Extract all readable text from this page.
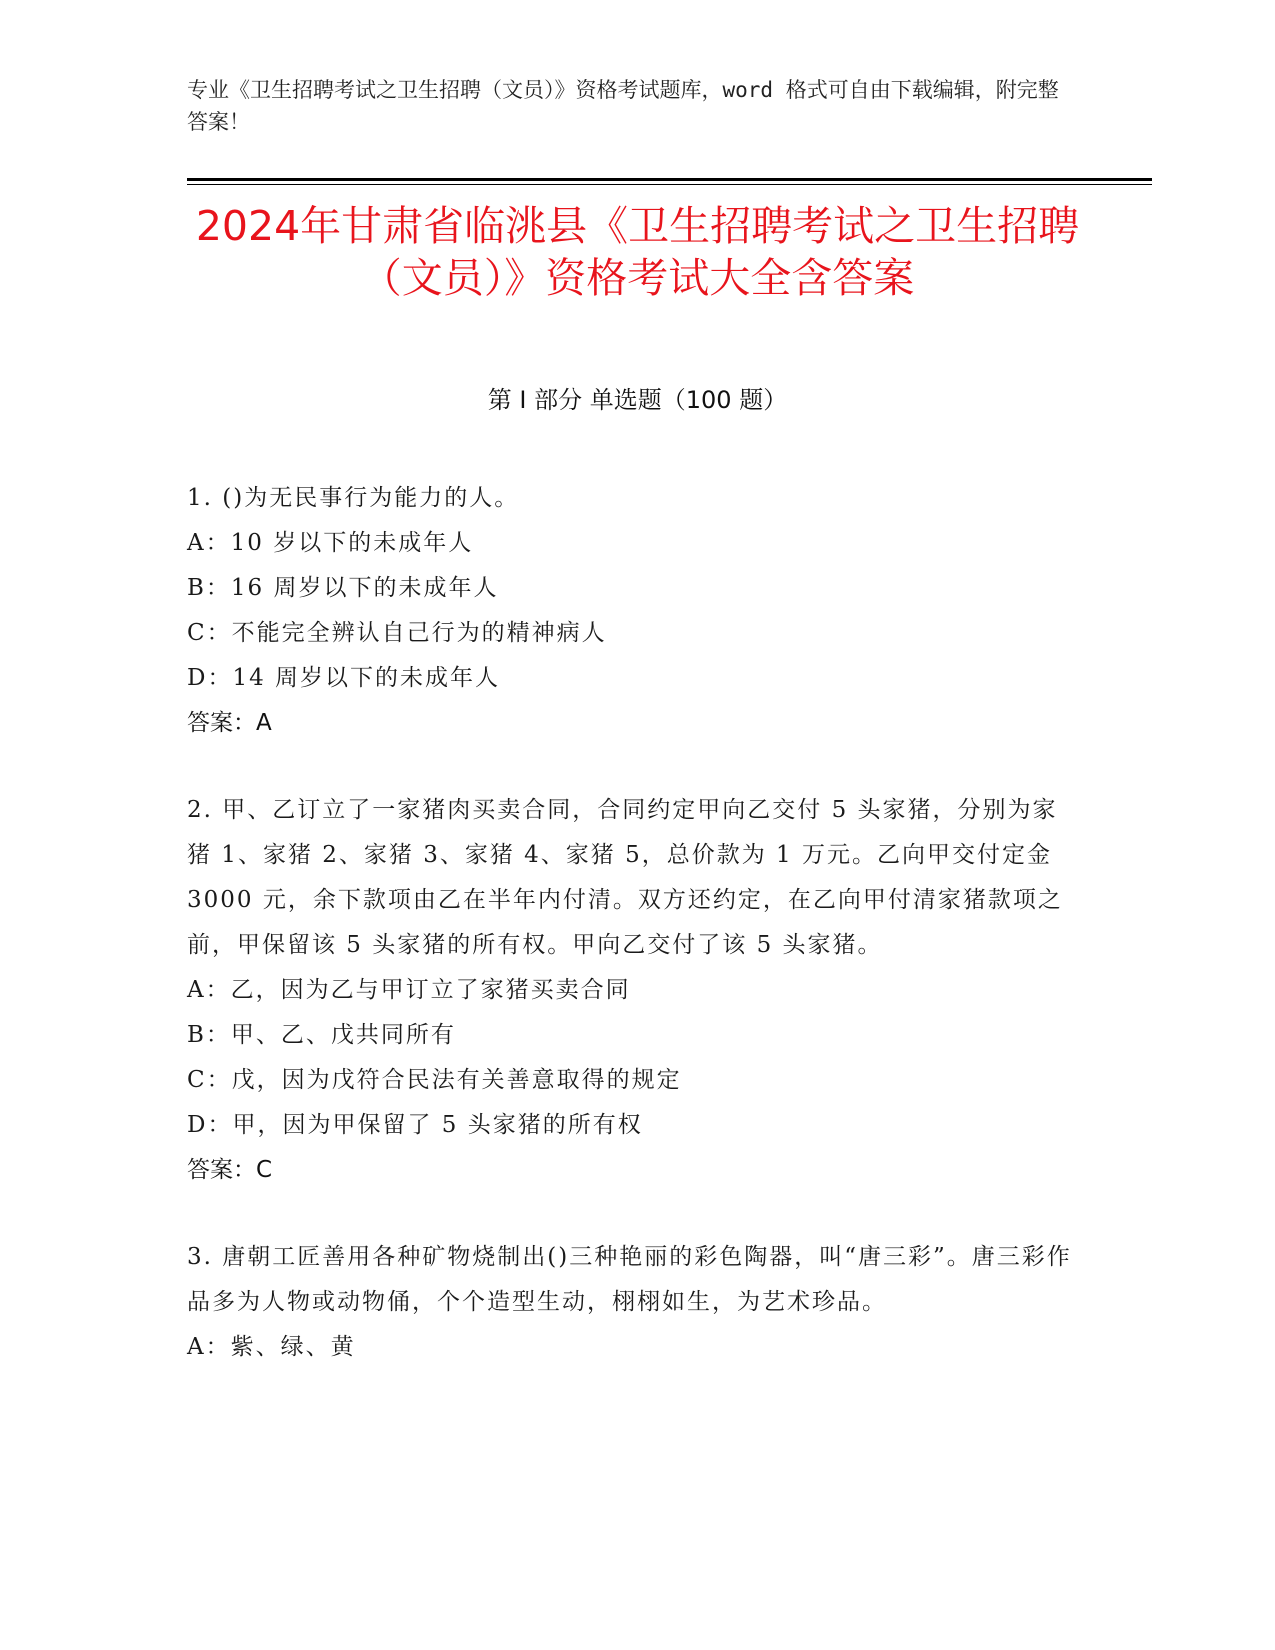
专业《卫生招聘考试之卫生招聘（文员）》资格考试题库，word 格式可自由下载编辑，附完整答案！
2024年甘肃省临洮县《卫生招聘考试之卫生招聘（文员）》资格考试大全含答案
第 I 部分 单选题（100 题）
1. ()为无民事行为能力的人。
A：10 岁以下的未成年人
B：16 周岁以下的未成年人
C：不能完全辨认自己行为的精神病人
D：14 周岁以下的未成年人
答案：A
2. 甲、乙订立了一家猪肉买卖合同，合同约定甲向乙交付 5 头家猪，分别为家猪 1、家猪 2、家猪 3、家猪 4、家猪 5，总价款为 1 万元。乙向甲交付定金 3000 元，余下款项由乙在半年内付清。双方还约定，在乙向甲付清家猪款项之前，甲保留该 5 头家猪的所有权。甲向乙交付了该 5 头家猪。
A：乙，因为乙与甲订立了家猪买卖合同
B：甲、乙、戊共同所有
C：戊，因为戊符合民法有关善意取得的规定
D：甲，因为甲保留了 5 头家猪的所有权
答案：C
3. 唐朝工匠善用各种矿物烧制出()三种艳丽的彩色陶器，叫“唐三彩”。唐三彩作品多为人物或动物俑，个个造型生动，栩栩如生，为艺术珍品。
A：紫、绿、黄
